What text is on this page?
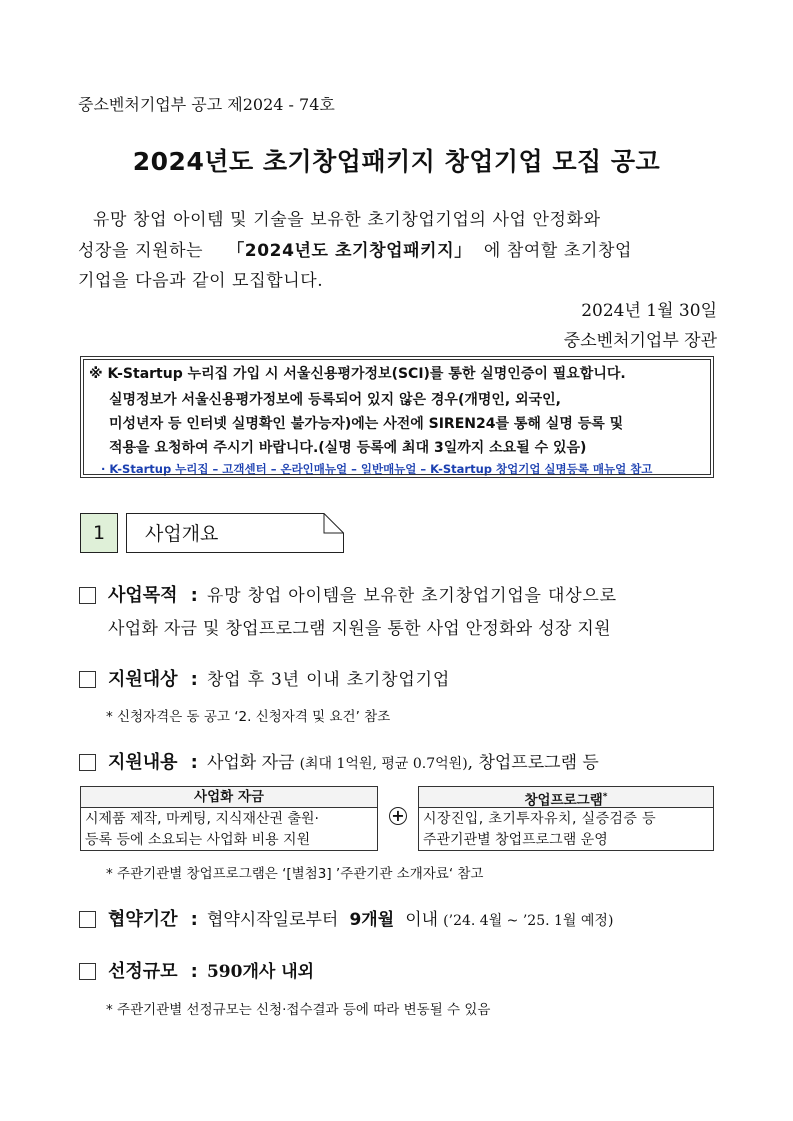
중소벤처기업부 공고 제2024 - 74호
2024년도 초기창업패키지 창업기업 모집 공고
유망 창업 아이템 및 기술을 보유한 초기창업기업의 사업 안정화와
성장을 지원하는 「2024년도 초기창업패키지」 에 참여할 초기창업
기업을 다음과 같이 모집합니다.
2024년 1월 30일
중소벤처기업부 장관
※ K-Startup 누리집 가입 시 서울신용평가정보(SCI)를 통한 실명인증이 필요합니다.
실명정보가 서울신용평가정보에 등록되어 있지 않은 경우(개명인, 외국인,
미성년자 등 인터넷 실명확인 불가능자)에는 사전에 SIREN24를 통해 실명 등록 및
적용을 요청하여 주시기 바랍니다.(실명 등록에 최대 3일까지 소요될 수 있음)
· K-Startup 누리집 – 고객센터 – 온라인매뉴얼 – 일반매뉴얼 – K-Startup 창업기업 실명등록 매뉴얼 참고
1	사업개요
사업목적 : 유망 창업 아이템을 보유한 초기창업기업을 대상으로
사업화 자금 및 창업프로그램 지원을 통한 사업 안정화와 성장 지원
지원대상 : 창업 후 3년 이내 초기창업기업
* 신청자격은 동 공고 ‘2. 신청자격 및 요건’ 참조
지원내용 : 사업화 자금 (최대 1억원, 평균 0.7억원), 창업프로그램 등
사업화 자금
시제품 제작, 마케팅, 지식재산권 출원·
등록 등에 소요되는 사업화 비용 지원
+
창업프로그램*
시장진입, 초기투자유치, 실증검증 등
주관기관별 창업프로그램 운영
* 주관기관별 창업프로그램은 ‘[별첨3] ’주관기관 소개자료‘ 참고
협약기간 : 협약시작일로부터 9개월 이내 (’24. 4월 ~ ’25. 1월 예정)
선정규모 : 590개사 내외
* 주관기관별 선정규모는 신청·접수결과 등에 따라 변동될 수 있음
